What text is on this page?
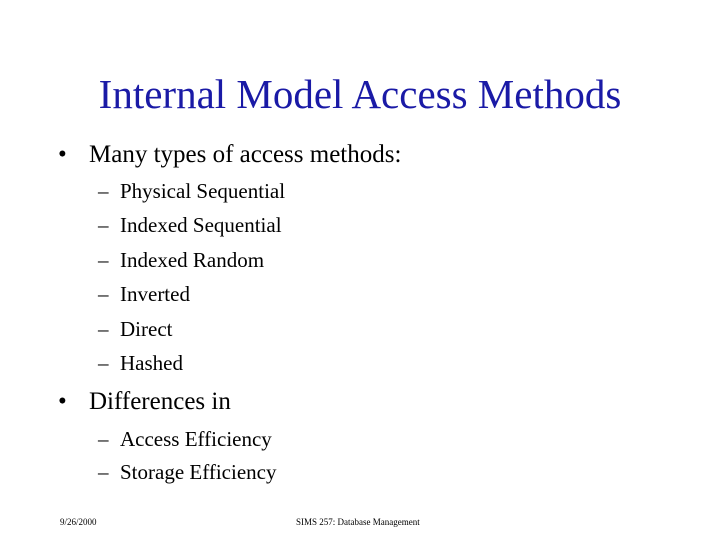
Internal Model Access Methods
• Many types of access methods:
– Physical Sequential
– Indexed Sequential
– Indexed Random
– Inverted
– Direct
– Hashed
• Differences in
– Access Efficiency
– Storage Efficiency
9/26/2000	SIMS 257: Database Management
